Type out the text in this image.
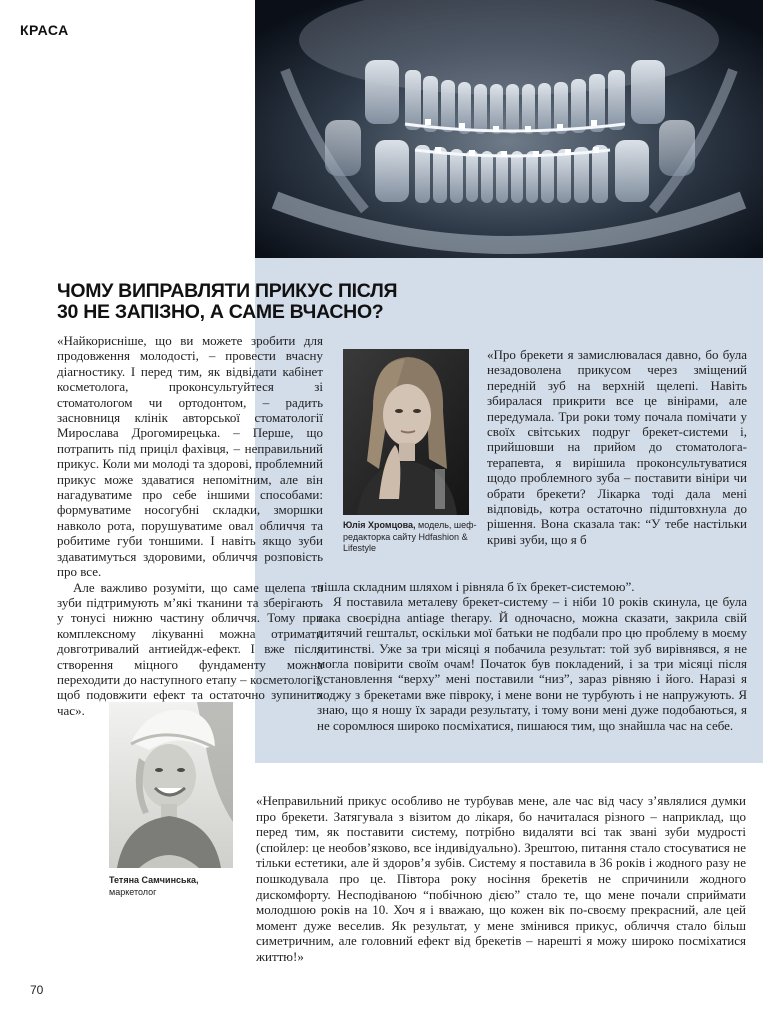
КРАСА
ЧОМУ ВИПРАВЛЯТИ ПРИКУС ПІСЛЯ
30 НЕ ЗАПІЗНО, А САМЕ ВЧАСНО?

«Найкорисніше, що ви можете зробити для продовження молодості, – провести вчасну діагностику. І перед тим, як відвідати кабінет косметолога, проконсультуйтеся зі стоматологом чи ортодонтом, – радить засновниця клінік авторської стоматології Мирослава Дрогомирецька. – Перше, що потрапить під приціл фахівця, – неправильний прикус. Коли ми молоді та здорові, проблемний прикус може здаватися непомітним, але він нагадуватиме про себе іншими способами: формуватиме носогубні складки, зморшки навколо рота, порушуватиме овал обличчя та робитиме губи тоншими. І навіть якщо зуби здаватимуться здоровими, обличчя розповість про все.

Але важливо розуміти, що саме щелепа та зуби підтримують м’які тканини та зберігають у тонусі нижню частину обличчя. Тому при комплексному лікуванні можна отримати довготривалий антиейдж-ефект. І вже після створення міцного фундаменту можна переходити до наступного етапу – косметології, щоб подовжити ефект та остаточно зупинити час».

Юлія Хромцова, модель, шеф-редакторка сайту Hdfashion & Lifestyle

«Про брекети я замислювалася давно, бо була незадоволена прикусом через зміщений передній зуб на верхній щелепі. Навіть збиралася прикрити все це вінірами, але передумала. Три роки тому почала помічати у своїх світських подруг брекет-системи і, прийшовши на прийом до стоматолога-терапевта, я вирішила проконсультуватися щодо проблемного зуба – поставити вініри чи обрати брекети? Лікарка тоді дала мені відповідь, котра остаточно підштовхнула до рішення. Вона сказала так: “У тебе настільки криві зуби, що я б

пішла складним шляхом і рівняла б їх брекет-системою”.

Я поставила металеву брекет-систему – і ніби 10 років скинула, це була така своєрідна antiage therapy. Й одночасно, можна сказати, закрила свій дитячий гештальт, оскільки мої батьки не подбали про цю проблему в моєму дитинстві. Уже за три місяці я побачила результат: той зуб вирівнявся, я не могла повірити своїм очам! Початок був покладений, і за три місяці після установлення “верху” мені поставили “низ”, зараз рівняю і його. Наразі я ходжу з брекетами вже півроку, і мене вони не турбують і не напружують. Я знаю, що я ношу їх заради результату, і тому вони мені дуже подобаються, я не соромлюся широко посміхатися, пишаюся тим, що знайшла час на себе.

Тетяна Самчинська,
маркетолог
«Неправильний прикус особливо не турбував мене, але час від часу з’являлися думки про брекети. Затягувала з візитом до лікаря, бо начиталася різного – наприклад, що перед тим, як поставити систему, потрібно видаляти всі так звані зуби мудрості (спойлер: це необов’язково, все індивідуально). Зрештою, питання стало стосуватися не тільки естетики, але й здоров’я зубів. Систему я поставила в 36 років і жодного разу не пошкодувала про це. Півтора року носіння брекетів не спричинили жодного дискомфорту. Несподіваною “побічною дією” стало те, що мене почали сприймати молодшою років на 10. Хоч я і вважаю, що кожен вік по-своєму прекрасний, але цей момент дуже веселив. Як результат, у мене змінився прикус, обличчя стало більш симетричним, але головний ефект від брекетів – нарешті я можу широко посміхатися життю!»
70
